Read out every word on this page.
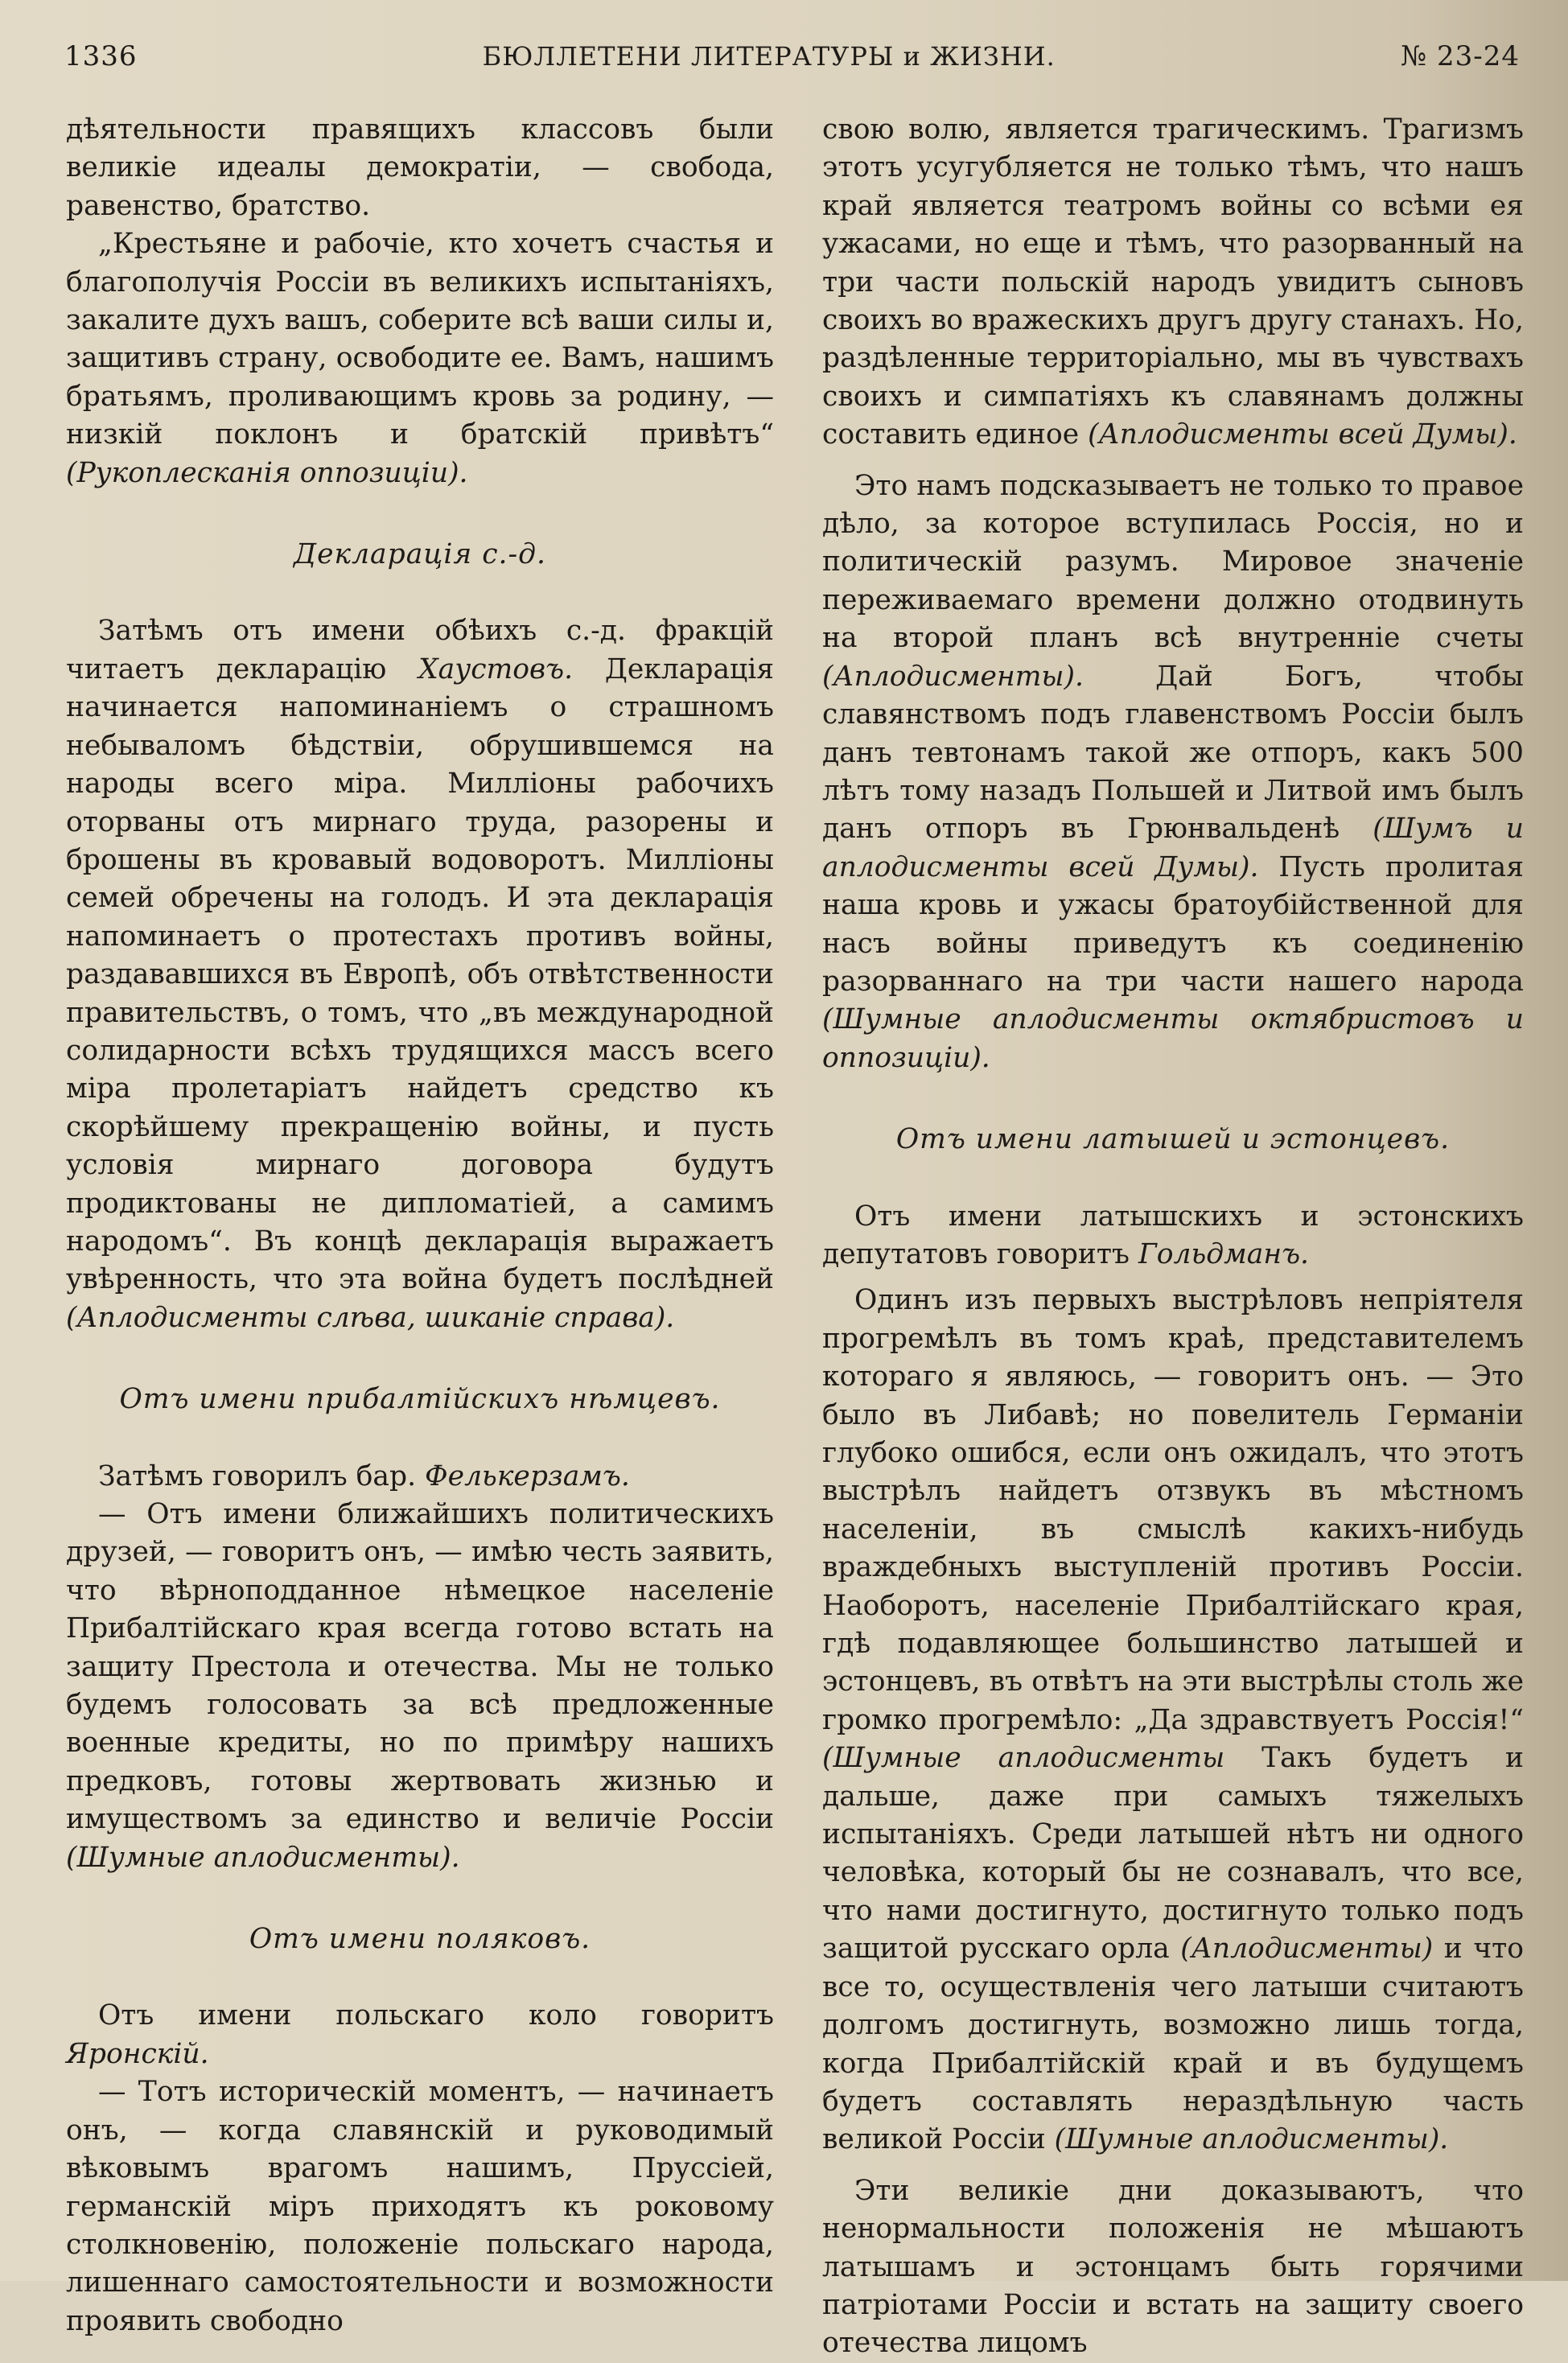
1336	БЮЛЛЕТЕНИ ЛИТЕРАТУРЫ и ЖИЗНИ.	№ 23-24

дѣятельности правящихъ классовъ были великіе идеалы демократіи, — свобода, равенство, братство.

„Крестьяне и рабочіе, кто хочетъ счастья и благополучія Россіи въ великихъ испытаніяхъ, закалите духъ вашъ, соберите всѣ ваши силы и, защитивъ страну, освободите ее. Вамъ, нашимъ братьямъ, проливающимъ кровь за родину, — низкій поклонъ и братскій привѣтъ“ (Рукоплесканія оппозиціи).

Декларація с.-д.

Затѣмъ отъ имени обѣихъ с.-д. фракцій читаетъ декларацію Хаустовъ. Декларація начинается напоминаніемъ о страшномъ небываломъ бѣдствіи, обрушившемся на народы всего міра. Милліоны рабочихъ оторваны отъ мирнаго труда, разорены и брошены въ кровавый водоворотъ. Милліоны семей обречены на голодъ. И эта декларація напоминаетъ о протестахъ противъ войны, раздававшихся въ Европѣ, объ отвѣтственности правительствъ, о томъ, что „въ международной солидарности всѣхъ трудящихся массъ всего міра пролетаріатъ найдетъ средство къ скорѣйшему прекращенію войны, и пусть условія мирнаго договора будутъ продиктованы не дипломатіей, а самимъ народомъ“. Въ концѣ декларація выражаетъ увѣренность, что эта война будетъ послѣдней (Аплодисменты слѣва, шиканіе справа).

Отъ имени прибалтійскихъ нѣмцевъ.

Затѣмъ говорилъ бар. Фелькерзамъ.

— Отъ имени ближайшихъ политическихъ друзей, — говоритъ онъ, — имѣю честь заявить, что вѣрноподданное нѣмецкое населеніе Прибалтійскаго края всегда готово встать на защиту Престола и отечества. Мы не только будемъ голосовать за всѣ предложенные военные кредиты, но по примѣру нашихъ предковъ, готовы жертвовать жизнью и имуществомъ за единство и величіе Россіи (Шумные аплодисменты).

Отъ имени поляковъ.

Отъ имени польскаго коло говоритъ Яронскій.

— Тотъ историческій моментъ, — начинаетъ онъ, — когда славянскій и руководимый вѣковымъ врагомъ нашимъ, Пруссіей, германскій міръ приходятъ къ роковому столкновенію, положеніе польскаго народа, лишеннаго самостоятельности и возможности проявить свободно

свою волю, является трагическимъ. Трагизмъ этотъ усугубляется не только тѣмъ, что нашъ край является театромъ войны со всѣми ея ужасами, но еще и тѣмъ, что разорванный на три части польскій народъ увидитъ сыновъ своихъ во вражескихъ другъ другу станахъ. Но, раздѣленные территоріально, мы въ чувствахъ своихъ и симпатіяхъ къ славянамъ должны составить единое (Аплодисменты всей Думы).

Это намъ подсказываетъ не только то правое дѣло, за которое вступилась Россія, но и политическій разумъ. Мировое значеніе переживаемаго времени должно отодвинуть на второй планъ всѣ внутренніе счеты (Аплодисменты). Дай Богъ, чтобы славянствомъ подъ главенствомъ Россіи былъ данъ тевтонамъ такой же отпоръ, какъ 500 лѣтъ тому назадъ Польшей и Литвой имъ былъ данъ отпоръ въ Грюнвальденѣ (Шумъ и аплодисменты всей Думы). Пусть пролитая наша кровь и ужасы братоубійственной для насъ войны приведутъ къ соединенію разорваннаго на три части нашего народа (Шумные аплодисменты октябристовъ и оппозиціи).

Отъ имени латышей и эстонцевъ.

Отъ имени латышскихъ и эстонскихъ депутатовъ говоритъ Гольдманъ.

Одинъ изъ первыхъ выстрѣловъ непріятеля прогремѣлъ въ томъ краѣ, представителемъ котораго я являюсь, — говоритъ онъ. — Это было въ Либавѣ; но повелитель Германіи глубоко ошибся, если онъ ожидалъ, что этотъ выстрѣлъ найдетъ отзвукъ въ мѣстномъ населеніи, въ смыслѣ какихъ-нибудь враждебныхъ выступленій противъ Россіи. Наоборотъ, населеніе Прибалтійскаго края, гдѣ подавляющее большинство латышей и эстонцевъ, въ отвѣтъ на эти выстрѣлы столь же громко прогремѣло: „Да здравствуетъ Россія!“ (Шумные аплодисменты Такъ будетъ и дальше, даже при самыхъ тяжелыхъ испытаніяхъ. Среди латышей нѣтъ ни одного человѣка, который бы не сознавалъ, что все, что нами достигнуто, достигнуто только подъ защитой русскаго орла (Аплодисменты) и что все то, осуществленія чего латыши считаютъ долгомъ достигнуть, возможно лишь тогда, когда Прибалтійскій край и въ будущемъ будетъ составлять нераздѣльную часть великой Россіи (Шумные аплодисменты).

Эти великіе дни доказываютъ, что ненормальности положенія не мѣшаютъ латышамъ и эстонцамъ быть горячими патріотами Россіи и встать на защиту своего отечества лицомъ
